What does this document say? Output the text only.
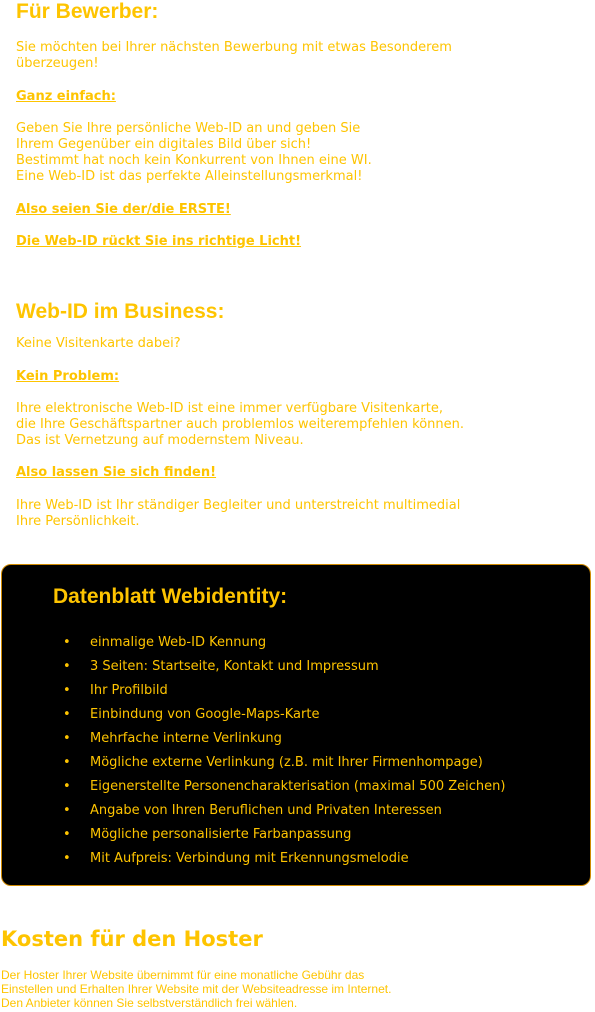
Für Bewerber:
Sie möchten bei Ihrer nächsten Bewerbung mit etwas Besonderem
überzeugen!
Ganz einfach:
Geben Sie Ihre persönliche Web-ID an und geben Sie
Ihrem Gegenüber ein digitales Bild über sich!
Bestimmt hat noch kein Konkurrent von Ihnen eine WI.
Eine Web-ID ist das perfekte Alleinstellungsmerkmal!
Also seien Sie der/die ERSTE!
Die Web-ID rückt Sie ins richtige Licht!
Web-ID im Business:
Keine Visitenkarte dabei?
Kein Problem:
Ihre elektronische Web-ID ist eine immer verfügbare Visitenkarte,
die Ihre Geschäftspartner auch problemlos weiterempfehlen können.
Das ist Vernetzung auf modernstem Niveau.
Also lassen Sie sich finden!
Ihre Web-ID ist Ihr ständiger Begleiter und unterstreicht multimedial
Ihre Persönlichkeit.
Datenblatt Webidentity:
• einmalige Web-ID Kennung
• 3 Seiten: Startseite, Kontakt und Impressum
• Ihr Profilbild
• Einbindung von Google-Maps-Karte
• Mehrfache interne Verlinkung
• Mögliche externe Verlinkung (z.B. mit Ihrer Firmenhompage)
• Eigenerstellte Personencharakterisation (maximal 500 Zeichen)
• Angabe von Ihren Beruflichen und Privaten Interessen
• Mögliche personalisierte Farbanpassung
• Mit Aufpreis: Verbindung mit Erkennungsmelodie
Kosten für den Hoster
Der Hoster Ihrer Website übernimmt für eine monatliche Gebühr das
Einstellen und Erhalten Ihrer Website mit der Websiteadresse im Internet.
Den Anbieter können Sie selbstverständlich frei wählen.
